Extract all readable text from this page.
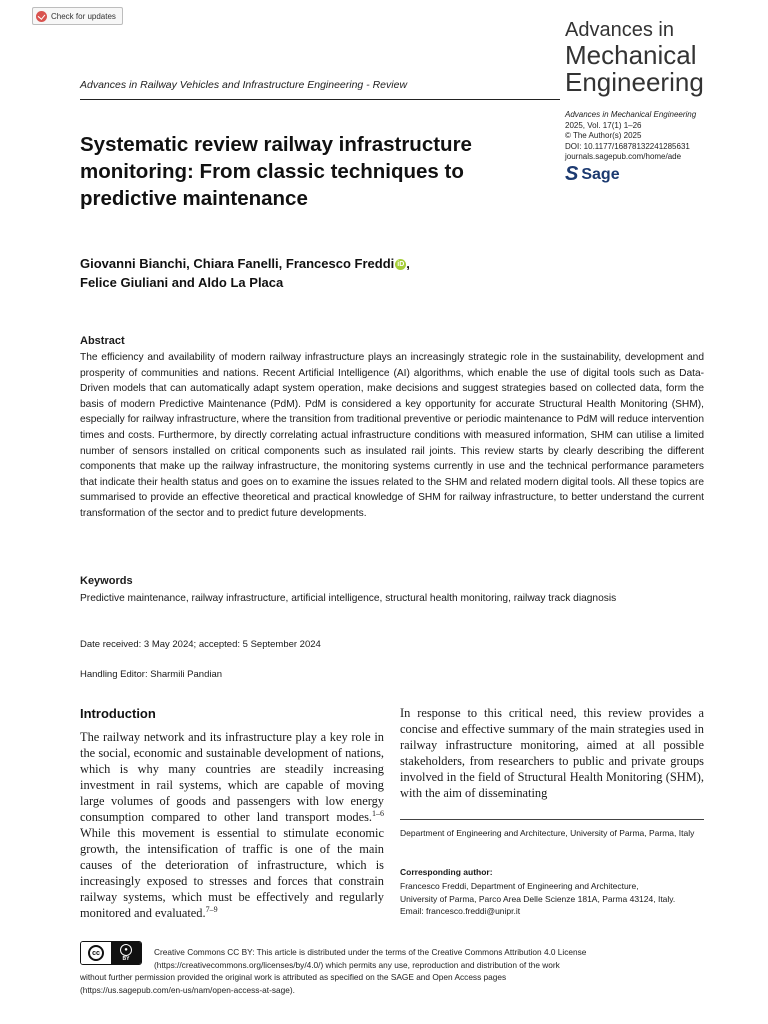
Check for updates
Advances in
Mechanical
Engineering
Advances in Railway Vehicles and Infrastructure Engineering - Review
Advances in Mechanical Engineering
2025, Vol. 17(1) 1–26
© The Author(s) 2025
DOI: 10.1177/16878132241285631
journals.sagepub.com/home/ade
S Sage
Systematic review railway infrastructure monitoring: From classic techniques to predictive maintenance
Giovanni Bianchi, Chiara Fanelli, Francesco Freddi iD ,
Felice Giuliani and Aldo La Placa
Abstract
The efficiency and availability of modern railway infrastructure plays an increasingly strategic role in the sustainability, development and prosperity of communities and nations. Recent Artificial Intelligence (AI) algorithms, which enable the use of digital tools such as Data-Driven models that can automatically adapt system operation, make decisions and suggest strategies based on collected data, form the basis of modern Predictive Maintenance (PdM). PdM is considered a key opportunity for accurate Structural Health Monitoring (SHM), especially for railway infrastructure, where the transition from traditional preventive or periodic maintenance to PdM will reduce intervention times and costs. Furthermore, by directly correlating actual infrastructure conditions with measured information, SHM can utilise a limited number of sensors installed on critical components such as insulated rail joints. This review starts by clearly describing the different components that make up the railway infrastructure, the monitoring systems currently in use and the technical performance parameters that indicate their health status and goes on to examine the issues related to the SHM and related modern digital tools. All these topics are summarised to provide an effective theoretical and practical knowledge of SHM for railway infrastructure, to better understand the current transformation of the sector and to predict future developments.
Keywords
Predictive maintenance, railway infrastructure, artificial intelligence, structural health monitoring, railway track diagnosis
Date received: 3 May 2024; accepted: 5 September 2024
Handling Editor: Sharmili Pandian
Introduction
The railway network and its infrastructure play a key role in the social, economic and sustainable development of nations, which is why many countries are steadily increasing investment in rail systems, which are capable of moving large volumes of goods and passengers with low energy consumption compared to other land transport modes.$^{1-6}$ While this movement is essential to stimulate economic growth, the intensification of traffic is one of the main causes of the deterioration of infrastructure, which is increasingly exposed to stresses and forces that constrain railway systems, which must be effectively and regularly monitored and evaluated.$^{7-9}$
In response to this critical need, this review provides a concise and effective summary of the main strategies used in railway infrastructure monitoring, aimed at all possible stakeholders, from researchers to public and private groups involved in the field of Structural Health Monitoring (SHM), with the aim of disseminating
Department of Engineering and Architecture, University of Parma, Parma, Italy
Corresponding author:
Francesco Freddi, Department of Engineering and Architecture,
University of Parma, Parco Area Delle Scienze 181A, Parma 43124, Italy.
Email: francesco.freddi@unipr.it
Creative Commons CC BY: This article is distributed under the terms of the Creative Commons Attribution 4.0 License
(https://creativecommons.org/licenses/by/4.0/) which permits any use, reproduction and distribution of the work
without further permission provided the original work is attributed as specified on the SAGE and Open Access pages
(https://us.sagepub.com/en-us/nam/open-access-at-sage).
cc	●
BY
